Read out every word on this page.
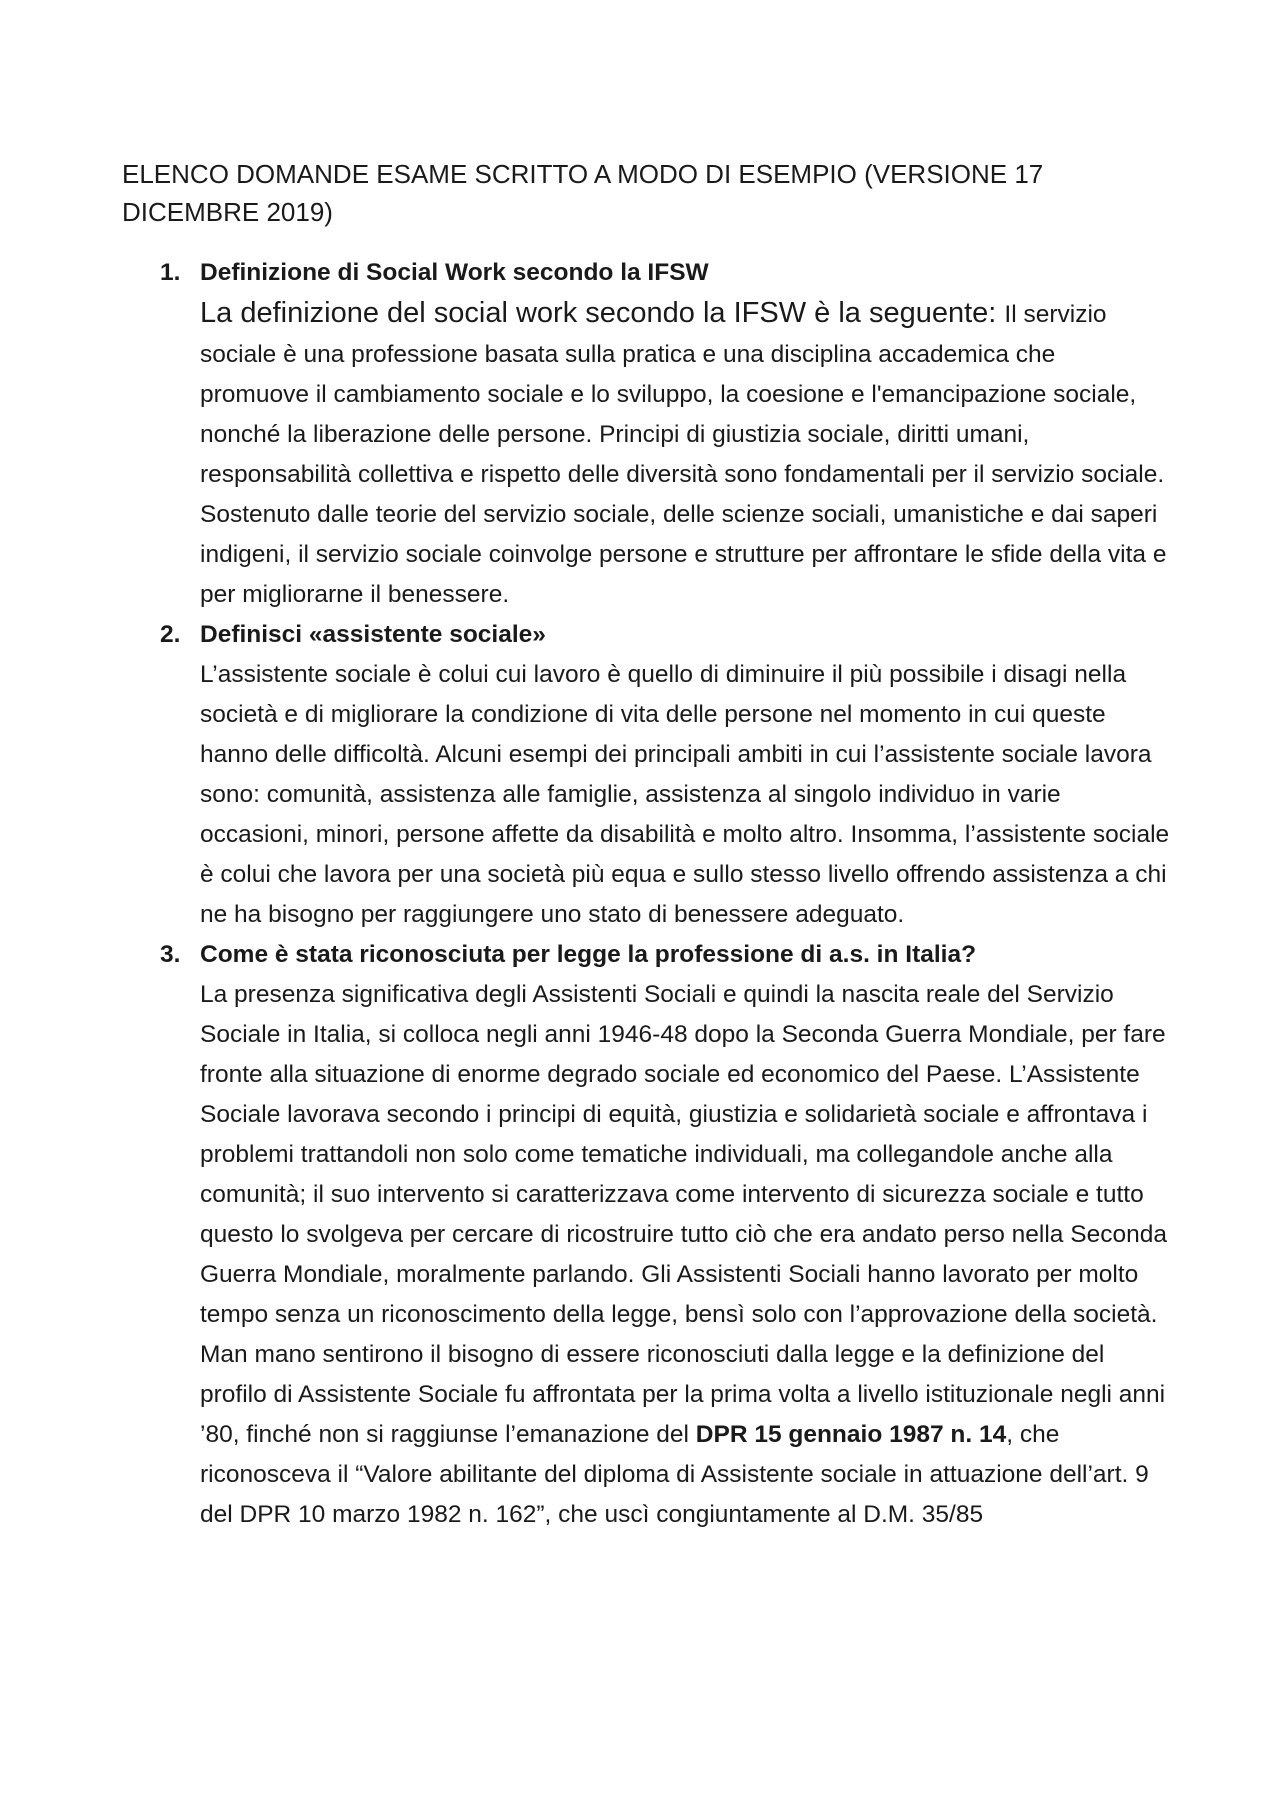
ELENCO DOMANDE ESAME SCRITTO A MODO DI ESEMPIO (VERSIONE 17 DICEMBRE 2019)

1. Definizione di Social Work secondo la IFSW

La definizione del social work secondo la IFSW è la seguente: Il servizio sociale è una professione basata sulla pratica e una disciplina accademica che promuove il cambiamento sociale e lo sviluppo, la coesione e l'emancipazione sociale, nonché la liberazione delle persone. Principi di giustizia sociale, diritti umani, responsabilità collettiva e rispetto delle diversità sono fondamentali per il servizio sociale. Sostenuto dalle teorie del servizio sociale, delle scienze sociali, umanistiche e dai saperi indigeni, il servizio sociale coinvolge persone e strutture per affrontare le sfide della vita e per migliorarne il benessere.

2. Definisci «assistente sociale»

L’assistente sociale è colui cui lavoro è quello di diminuire il più possibile i disagi nella società e di migliorare la condizione di vita delle persone nel momento in cui queste hanno delle difficoltà. Alcuni esempi dei principali ambiti in cui l’assistente sociale lavora sono: comunità, assistenza alle famiglie, assistenza al singolo individuo in varie occasioni, minori, persone affette da disabilità e molto altro. Insomma, l’assistente sociale è colui che lavora per una società più equa e sullo stesso livello offrendo assistenza a chi ne ha bisogno per raggiungere uno stato di benessere adeguato.

3. Come è stata riconosciuta per legge la professione di a.s. in Italia?

La presenza significativa degli Assistenti Sociali e quindi la nascita reale del Servizio Sociale in Italia, si colloca negli anni 1946-48 dopo la Seconda Guerra Mondiale, per fare fronte alla situazione di enorme degrado sociale ed economico del Paese. L’Assistente Sociale lavorava secondo i principi di equità, giustizia e solidarietà sociale e affrontava i problemi trattandoli non solo come tematiche individuali, ma collegandole anche alla comunità; il suo intervento si caratterizzava come intervento di sicurezza sociale e tutto questo lo svolgeva per cercare di ricostruire tutto ciò che era andato perso nella Seconda Guerra Mondiale, moralmente parlando. Gli Assistenti Sociali hanno lavorato per molto tempo senza un riconoscimento della legge, bensì solo con l’approvazione della società. Man mano sentirono il bisogno di essere riconosciuti dalla legge e la definizione del profilo di Assistente Sociale fu affrontata per la prima volta a livello istituzionale negli anni ’80, finché non si raggiunse l’emanazione del DPR 15 gennaio 1987 n. 14, che riconosceva il “Valore abilitante del diploma di Assistente sociale in attuazione dell’art. 9 del DPR 10 marzo 1982 n. 162”, che uscì congiuntamente al D.M. 35/85
